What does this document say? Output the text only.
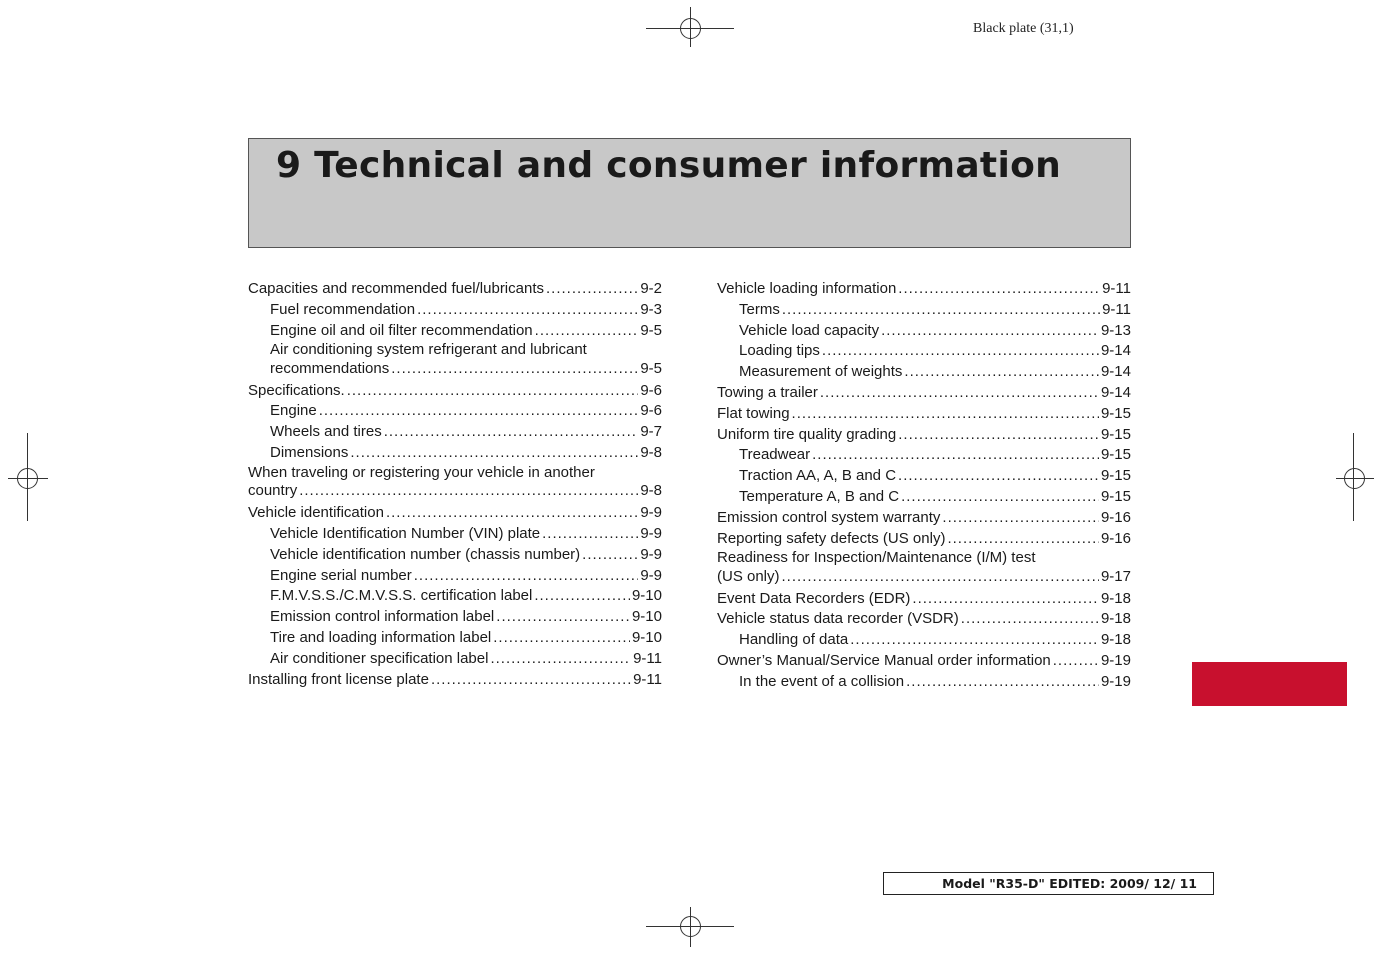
Black plate (31,1)
9 Technical and consumer information
Capacities and recommended fuel/lubricants .....	9-2
Fuel recommendation .....	9-3
Engine oil and oil filter recommendation .....	9-5
Air conditioning system refrigerant and lubricant
recommendations .....	9-5
Specifications. .....	9-6
Engine .....	9-6
Wheels and tires .....	9-7
Dimensions .....	9-8
When traveling or registering your vehicle in another
country .....	9-8
Vehicle identification .....	9-9
Vehicle Identification Number (VIN) plate .....	9-9
Vehicle identification number (chassis number) .....	9-9
Engine serial number .....	9-9
F.M.V.S.S./C.M.V.S.S. certification label .....	9-10
Emission control information label .....	9-10
Tire and loading information label .....	9-10
Air conditioner specification label .....	9-11
Installing front license plate .....	9-11
Vehicle loading information .....	9-11
Terms .....	9-11
Vehicle load capacity .....	9-13
Loading tips .....	9-14
Measurement of weights .....	9-14
Towing a trailer .....	9-14
Flat towing .....	9-15
Uniform tire quality grading .....	9-15
Treadwear .....	9-15
Traction AA, A, B and C .....	9-15
Temperature A, B and C .....	9-15
Emission control system warranty .....	9-16
Reporting safety defects (US only) .....	9-16
Readiness for Inspection/Maintenance (I/M) test
(US only) .....	9-17
Event Data Recorders (EDR) .....	9-18
Vehicle status data recorder (VSDR) .....	9-18
Handling of data .....	9-18
Owner’s Manual/Service Manual order information .....	9-19
In the event of a collision .....	9-19
Model "R35-D" EDITED: 2009/ 12/ 11
